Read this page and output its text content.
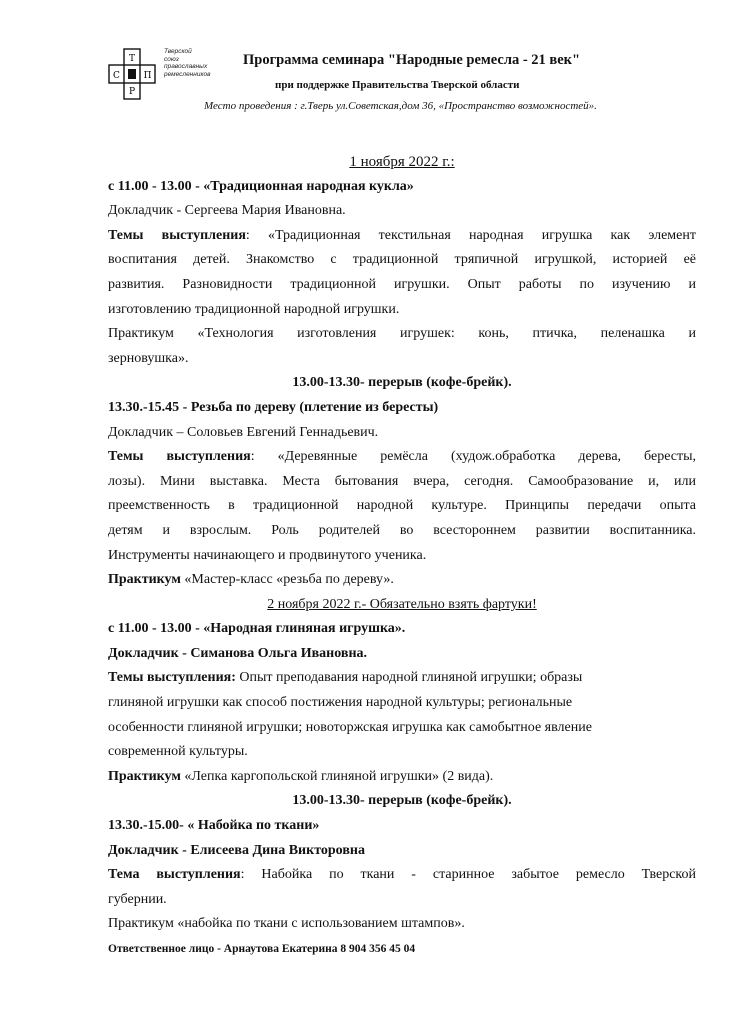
Т
С	П
Р
Тверской
союз
православных
ремесленников
Программа семинара "Народные ремесла - 21 век"
при поддержке Правительства Тверской области
Место проведения : г.Тверь ул.Советская,дом 36, «Пространство возможностей».

1 ноября 2022 г.:

с 11.00 - 13.00 - «Традиционная народная кукла»

Докладчик - Сергеева Мария Ивановна.

Темы выступления: «Традиционная текстильная народная игрушка как элемент

воспитания детей. Знакомство с традиционной тряпичной игрушкой, историей её

развития. Разновидности традиционной игрушки. Опыт работы по изучению и

изготовлению традиционной народной игрушки.

Практикум «Технология изготовления игрушек: конь, птичка, пеленашка и

зерновушка».

13.00-13.30- перерыв (кофе-брейк).

13.30.-15.45 - Резьба по дереву (плетение из бересты)

Докладчик – Соловьев Евгений Геннадьевич.

Темы выступления: «Деревянные ремёсла (худож.обработка дерева, бересты,

лозы). Мини выставка. Места бытования вчера, сегодня. Самообразование и, или

преемственность в традиционной народной культуре. Принципы передачи опыта

детям и взрослым. Роль родителей во всестороннем развитии воспитанника.

Инструменты начинающего и продвинутого ученика.

Практикум «Мастер-класс «резьба по дереву».

2 ноября 2022 г.- Обязательно взять фартуки!

с 11.00 - 13.00 - «Народная глиняная игрушка».

Докладчик - Симанова Ольга Ивановна.

Темы выступления: Опыт преподавания народной глиняной игрушки; образы

глиняной игрушки как способ постижения народной культуры; региональные

особенности глиняной игрушки; новоторжская игрушка как самобытное явление

современной культуры.

Практикум «Лепка каргопольской глиняной игрушки» (2 вида).

13.00-13.30- перерыв (кофе-брейк).

13.30.-15.00- « Набойка по ткани»

Докладчик - Елисеева Дина Викторовна

Тема выступления: Набойка по ткани - старинное забытое ремесло Тверской

губернии.

Практикум «набойка по ткани с использованием штампов».

Ответственное лицо - Арнаутова Екатерина 8 904 356 45 04
